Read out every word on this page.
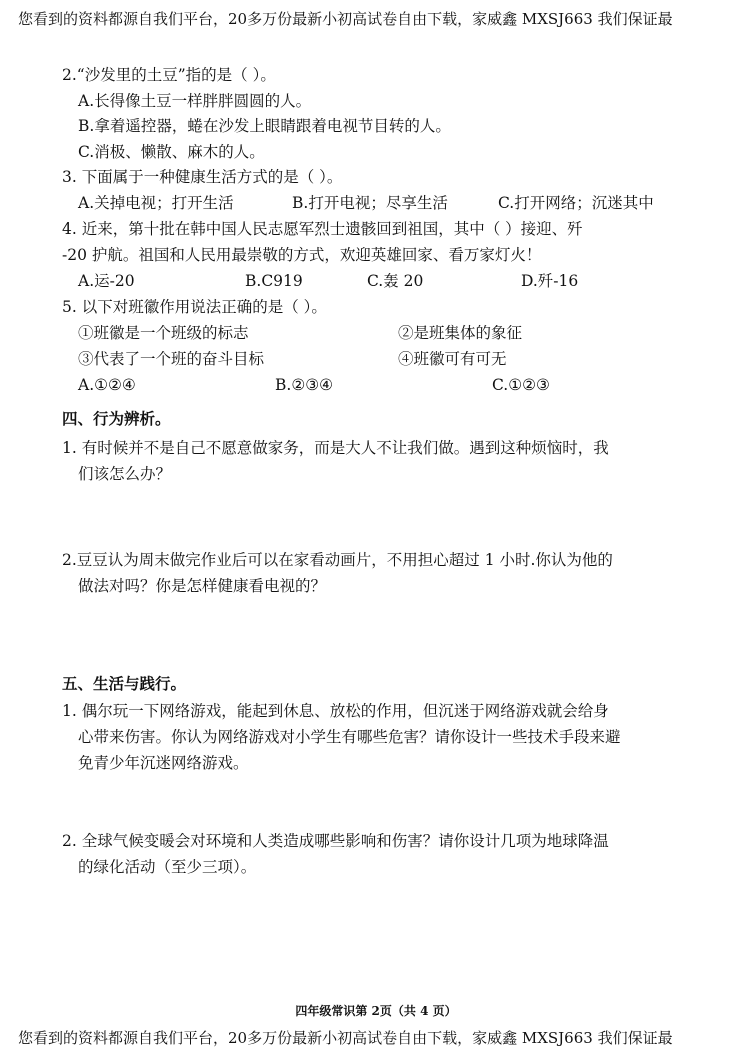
您看到的资料都源自我们平台，20多万份最新小初高试卷自由下载，家威鑫 MXSJ663 我们保证最
2.“沙发里的土豆”指的是（ ）。
A.长得像土豆一样胖胖圆圆的人。
B.拿着遥控器，蜷在沙发上眼睛跟着电视节目转的人。
C.消极、懒散、麻木的人。
3. 下面属于一种健康生活方式的是（ ）。
A.关掉电视；打开生活	B.打开电视；尽享生活	C.打开网络；沉迷其中
4. 近来，第十批在韩中国人民志愿军烈士遗骸回到祖国，其中（ ）接迎、歼
-20 护航。祖国和人民用最崇敬的方式，欢迎英雄回家、看万家灯火！
A.运-20	B.C919	C.轰 20	D.歼-16
5. 以下对班徽作用说法正确的是（ ）。
①班徽是一个班级的标志	②是班集体的象征
③代表了一个班的奋斗目标	④班徽可有可无
A.①②④	B.②③④	C.①②③
四、行为辨析。
1. 有时候并不是自己不愿意做家务，而是大人不让我们做。遇到这种烦恼时，我
们该怎么办？
2.豆豆认为周末做完作业后可以在家看动画片，不用担心超过 1 小时.你认为他的
做法对吗？你是怎样健康看电视的？
五、生活与践行。
1. 偶尔玩一下网络游戏，能起到休息、放松的作用，但沉迷于网络游戏就会给身
心带来伤害。你认为网络游戏对小学生有哪些危害？请你设计一些技术手段来避
免青少年沉迷网络游戏。
2. 全球气候变暖会对环境和人类造成哪些影响和伤害？请你设计几项为地球降温
的绿化活动（至少三项）。
四年级常识第 2页（共 4 页）
您看到的资料都源自我们平台，20多万份最新小初高试卷自由下载，家威鑫 MXSJ663 我们保证最
